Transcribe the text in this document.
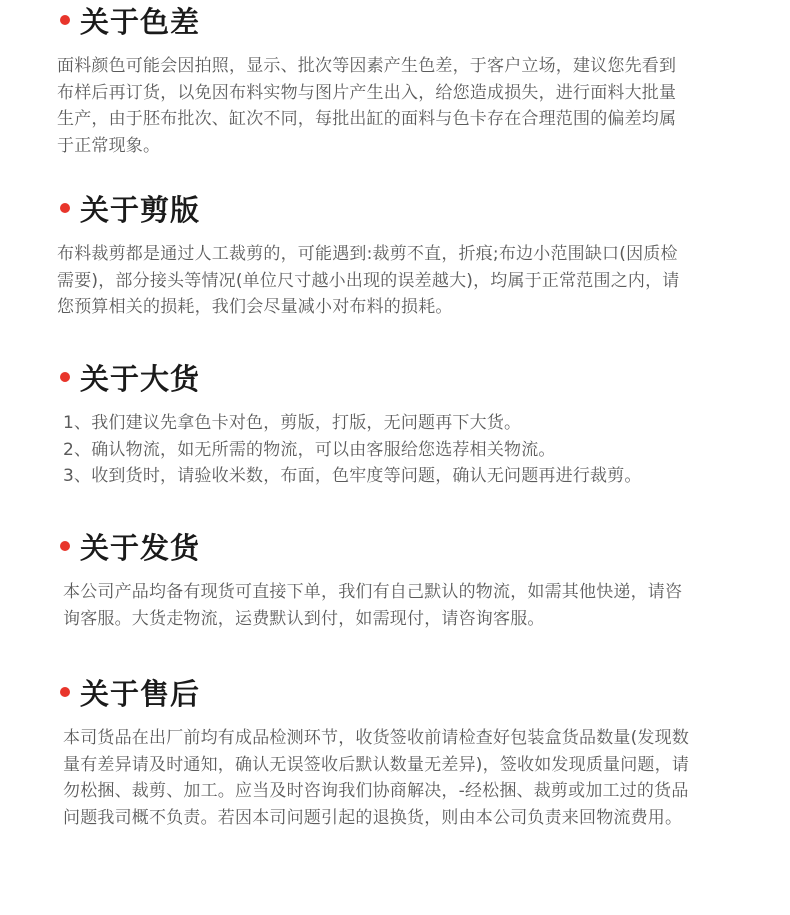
关于色差

面料颜色可能会因拍照，显示、批次等因素产生色差，于客户立场，建议您先看到

布样后再订货，以免因布料实物与图片产生出入，给您造成损失，进行面料大批量

生产，由于胚布批次、缸次不同，每批出缸的面料与色卡存在合理范围的偏差均属

于正常现象。

关于剪版

布料裁剪都是通过人工裁剪的，可能遇到:裁剪不直，折痕;布边小范围缺口(因质检

需要)，部分接头等情况(单位尺寸越小出现的误差越大)，均属于正常范围之内，请

您预算相关的损耗，我们会尽量减小对布料的损耗。

关于大货

1、我们建议先拿色卡对色，剪版，打版，无问题再下大货。

2、确认物流，如无所需的物流，可以由客服给您选荐相关物流。

3、收到货时，请验收米数，布面，色牢度等问题，确认无问题再进行裁剪。

关于发货

本公司产品均备有现货可直接下单，我们有自己默认的物流，如需其他快递，请咨

询客服。大货走物流，运费默认到付，如需现付，请咨询客服。

关于售后

本司货品在出厂前均有成品检测环节，收货签收前请检查好包装盒货品数量(发现数

量有差异请及时通知，确认无误签收后默认数量无差异)，签收如发现质量问题，请

勿松捆、裁剪、加工。应当及时咨询我们协商解决，-经松捆、裁剪或加工过的货品

问题我司概不负责。若因本司问题引起的退换货，则由本公司负责来回物流费用。
